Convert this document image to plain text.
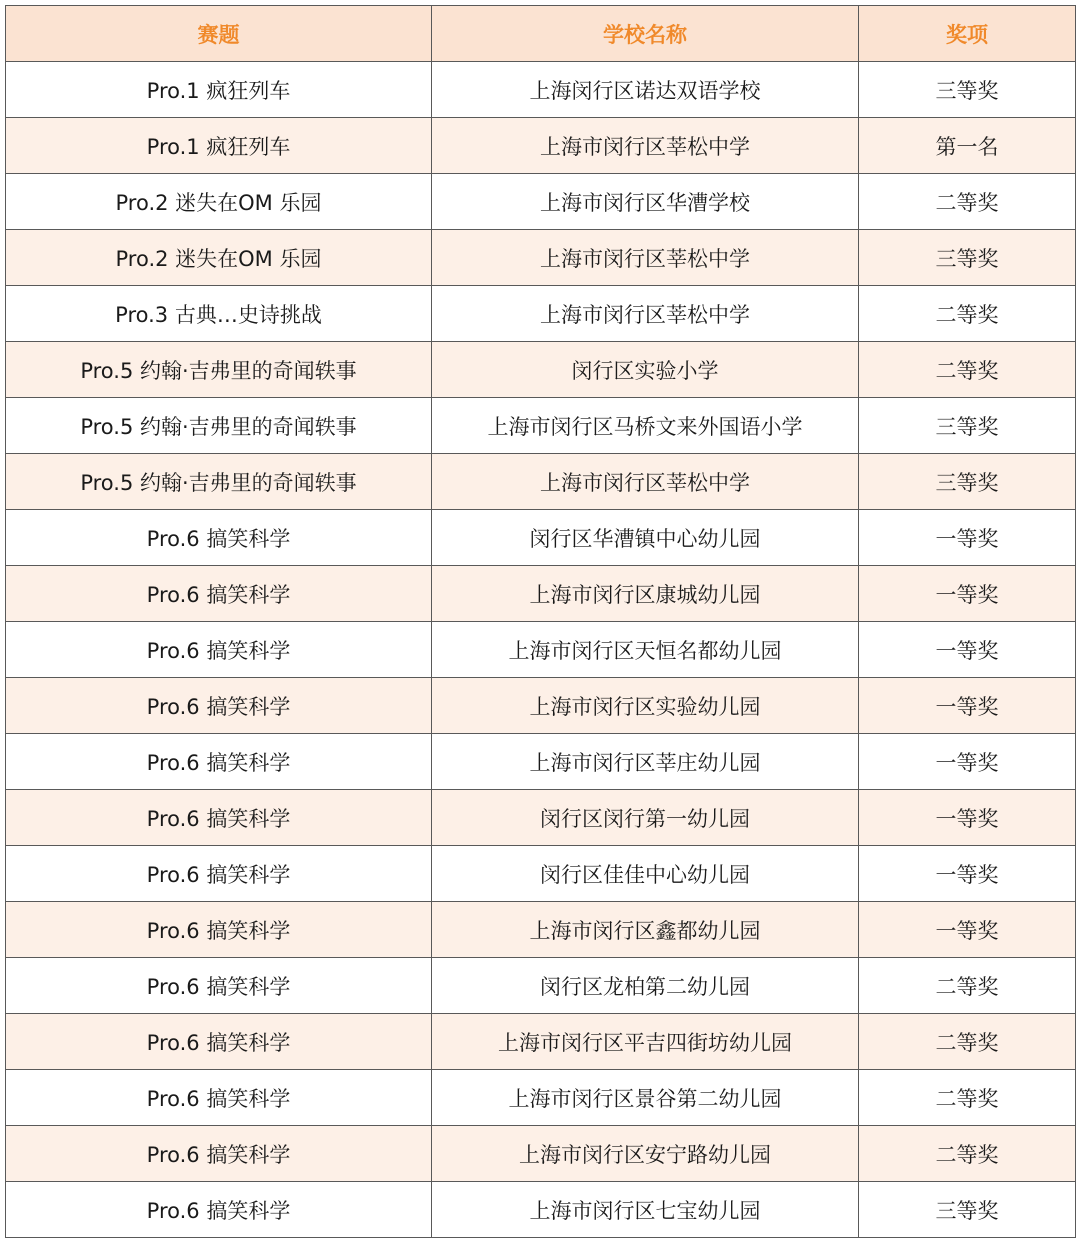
赛题	学校名称	奖项
Pro.1 疯狂列车	上海闵行区诺达双语学校	三等奖
Pro.1 疯狂列车	上海市闵行区莘松中学	第一名
Pro.2 迷失在OM 乐园	上海市闵行区华漕学校	二等奖
Pro.2 迷失在OM 乐园	上海市闵行区莘松中学	三等奖
Pro.3 古典…史诗挑战	上海市闵行区莘松中学	二等奖
Pro.5 约翰·吉弗里的奇闻轶事	闵行区实验小学	二等奖
Pro.5 约翰·吉弗里的奇闻轶事	上海市闵行区马桥文来外国语小学	三等奖
Pro.5 约翰·吉弗里的奇闻轶事	上海市闵行区莘松中学	三等奖
Pro.6 搞笑科学	闵行区华漕镇中心幼儿园	一等奖
Pro.6 搞笑科学	上海市闵行区康城幼儿园	一等奖
Pro.6 搞笑科学	上海市闵行区天恒名都幼儿园	一等奖
Pro.6 搞笑科学	上海市闵行区实验幼儿园	一等奖
Pro.6 搞笑科学	上海市闵行区莘庄幼儿园	一等奖
Pro.6 搞笑科学	闵行区闵行第一幼儿园	一等奖
Pro.6 搞笑科学	闵行区佳佳中心幼儿园	一等奖
Pro.6 搞笑科学	上海市闵行区鑫都幼儿园	一等奖
Pro.6 搞笑科学	闵行区龙柏第二幼儿园	二等奖
Pro.6 搞笑科学	上海市闵行区平吉四街坊幼儿园	二等奖
Pro.6 搞笑科学	上海市闵行区景谷第二幼儿园	二等奖
Pro.6 搞笑科学	上海市闵行区安宁路幼儿园	二等奖
Pro.6 搞笑科学	上海市闵行区七宝幼儿园	三等奖
